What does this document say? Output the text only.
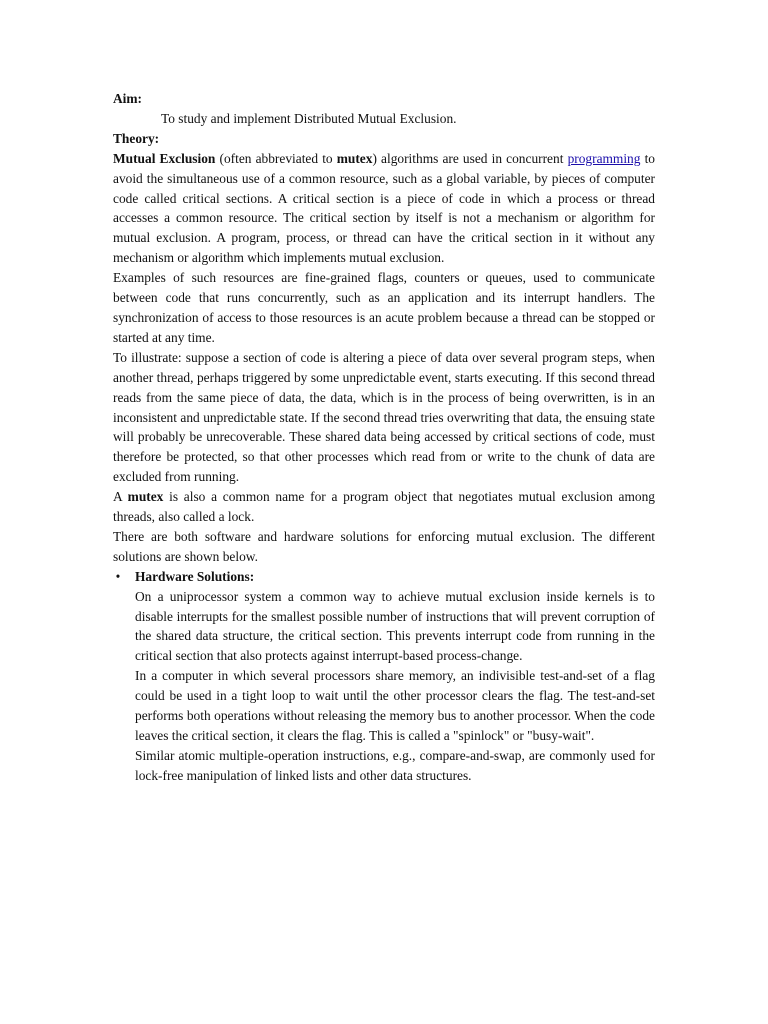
Aim:

To study and implement Distributed Mutual Exclusion.

Theory:

Mutual Exclusion (often abbreviated to mutex) algorithms are used in concurrent programming to avoid the simultaneous use of a common resource, such as a global variable, by pieces of computer code called critical sections. A critical section is a piece of code in which a process or thread accesses a common resource. The critical section by itself is not a mechanism or algorithm for mutual exclusion. A program, process, or thread can have the critical section in it without any mechanism or algorithm which implements mutual exclusion.

Examples of such resources are fine-grained flags, counters or queues, used to communicate between code that runs concurrently, such as an application and its interrupt handlers. The synchronization of access to those resources is an acute problem because a thread can be stopped or started at any time.

To illustrate: suppose a section of code is altering a piece of data over several program steps, when another thread, perhaps triggered by some unpredictable event, starts executing. If this second thread reads from the same piece of data, the data, which is in the process of being overwritten, is in an inconsistent and unpredictable state. If the second thread tries overwriting that data, the ensuing state will probably be unrecoverable. These shared data being accessed by critical sections of code, must therefore be protected, so that other processes which read from or write to the chunk of data are excluded from running.

A mutex is also a common name for a program object that negotiates mutual exclusion among threads, also called a lock.

There are both software and hardware solutions for enforcing mutual exclusion. The different solutions are shown below.

• Hardware Solutions:

On a uniprocessor system a common way to achieve mutual exclusion inside kernels is to disable interrupts for the smallest possible number of instructions that will prevent corruption of the shared data structure, the critical section. This prevents interrupt code from running in the critical section that also protects against interrupt-based process-change.

In a computer in which several processors share memory, an indivisible test-and-set of a flag could be used in a tight loop to wait until the other processor clears the flag. The test-and-set performs both operations without releasing the memory bus to another processor. When the code leaves the critical section, it clears the flag. This is called a "spinlock" or "busy-wait".

Similar atomic multiple-operation instructions, e.g., compare-and-swap, are commonly used for lock-free manipulation of linked lists and other data structures.
